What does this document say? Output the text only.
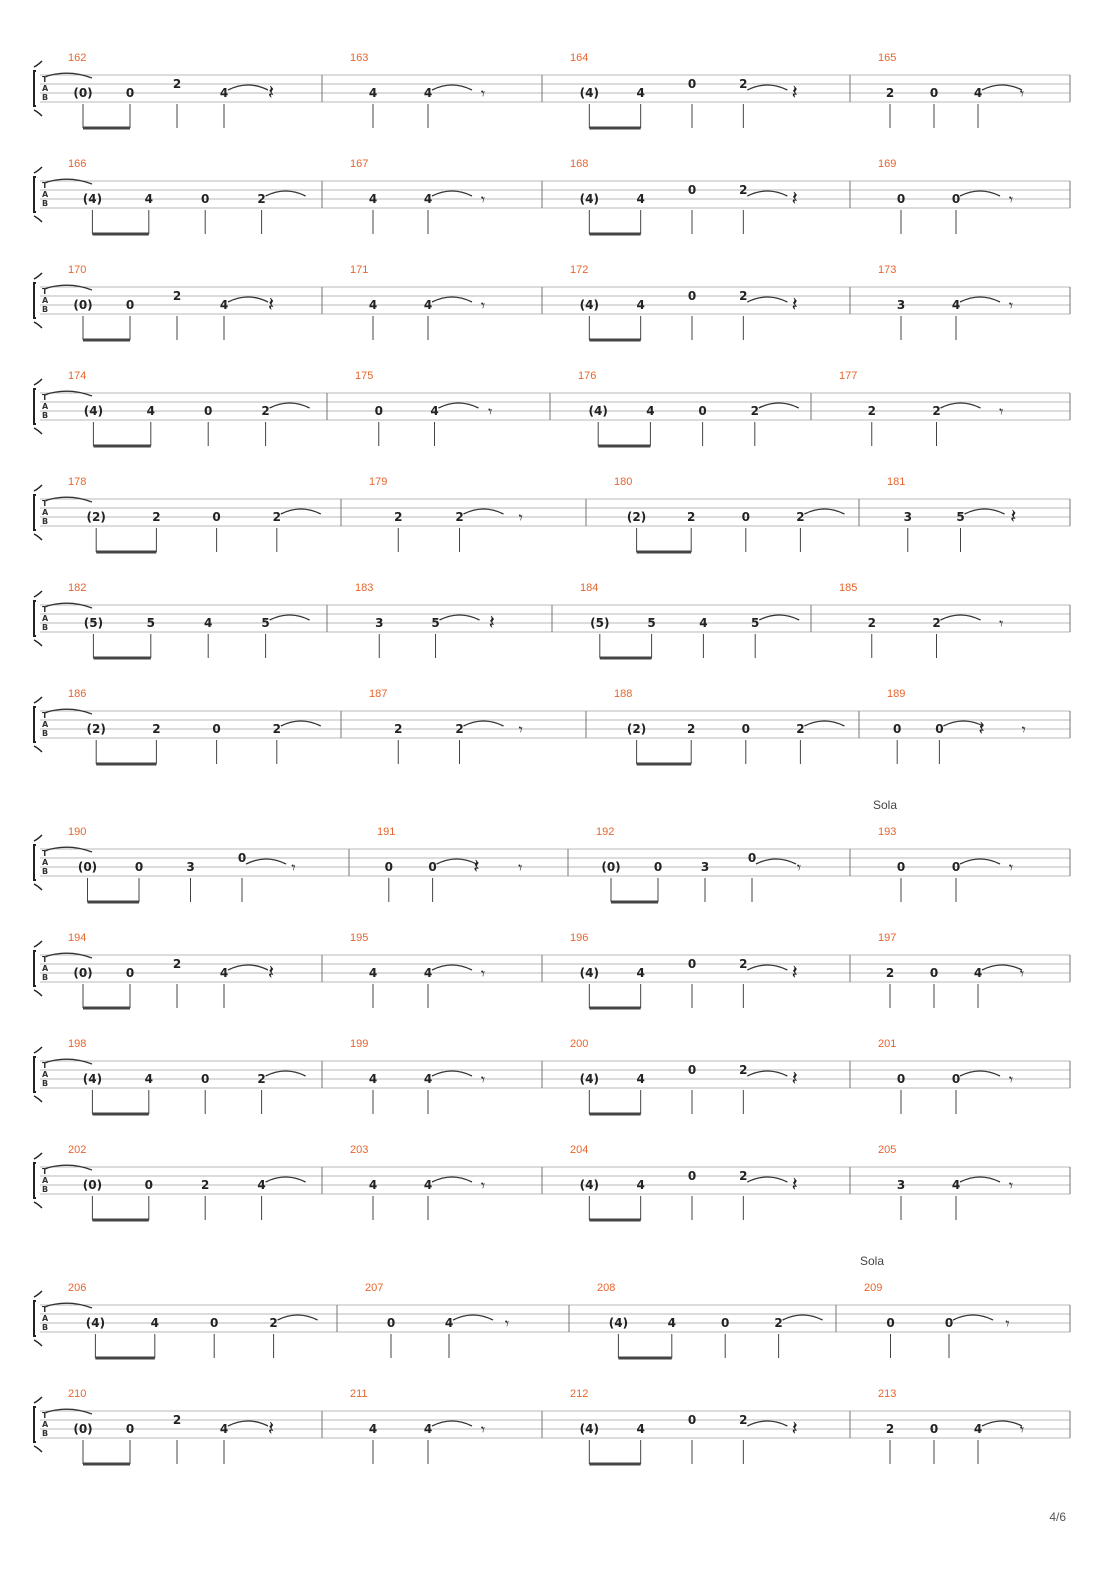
T
A
B
162
(0)	0
2
4 𝄽
163
4	4	𝄾
164
(4)	4
0	2 𝄽
165
2	0	4 𝄾
T
A
B
166
(4)	4	0	2
167
4	4	𝄾
168
(4)	4
0	2 𝄽
169
0	0	𝄾
T
A
B
170
(0)	0
2
4 𝄽
171
4	4	𝄾
172
(4)	4
0	2 𝄽
173
3	4	𝄾
T
A
B
174
(4)	4	0	2
175
0	4	𝄾
176
(4)	4	0	2
177
2	2	𝄾
T
A
B
178
(2)	2	0	2
179
2	2	𝄾
180
(2)	2	0	2
181
3	5 𝄽
T
A
B
182
(5)	5	4	5
183
3	5 𝄽
184
(5)	5	4	5
185
2	2	𝄾
T
A
B
186
(2)	2	0	2
187
2	2	𝄾
188
(2)	2	0	2
189
0	0 𝄽 𝄾
T
A
B
Sola
190
(0)	0	3
0	𝄾
191
0	0 𝄽 𝄾
192
(0)	0	3
0	𝄾
193
0	0	𝄾
T
A
B
194
(0)	0
2
4 𝄽
195
4	4	𝄾
196
(4)	4
0	2 𝄽
197
2	0	4 𝄾
T
A
B
198
(4)	4	0	2
199
4	4	𝄾
200
(4)	4
0	2 𝄽
201
0	0	𝄾
T
A
B
202
(0)	0	2	4
203
4	4	𝄾
204
(4)	4
0	2 𝄽
205
3	4	𝄾
T
A
B
Sola
206
(4)	4	0	2
207
0	4	𝄾
208
(4)	4	0	2
209
0	0	𝄾
T
A
B
210
(0)	0
2
4 𝄽
211
4	4	𝄾
212
(4)	4
0	2 𝄽
213
2	0	4 𝄾
4/6
